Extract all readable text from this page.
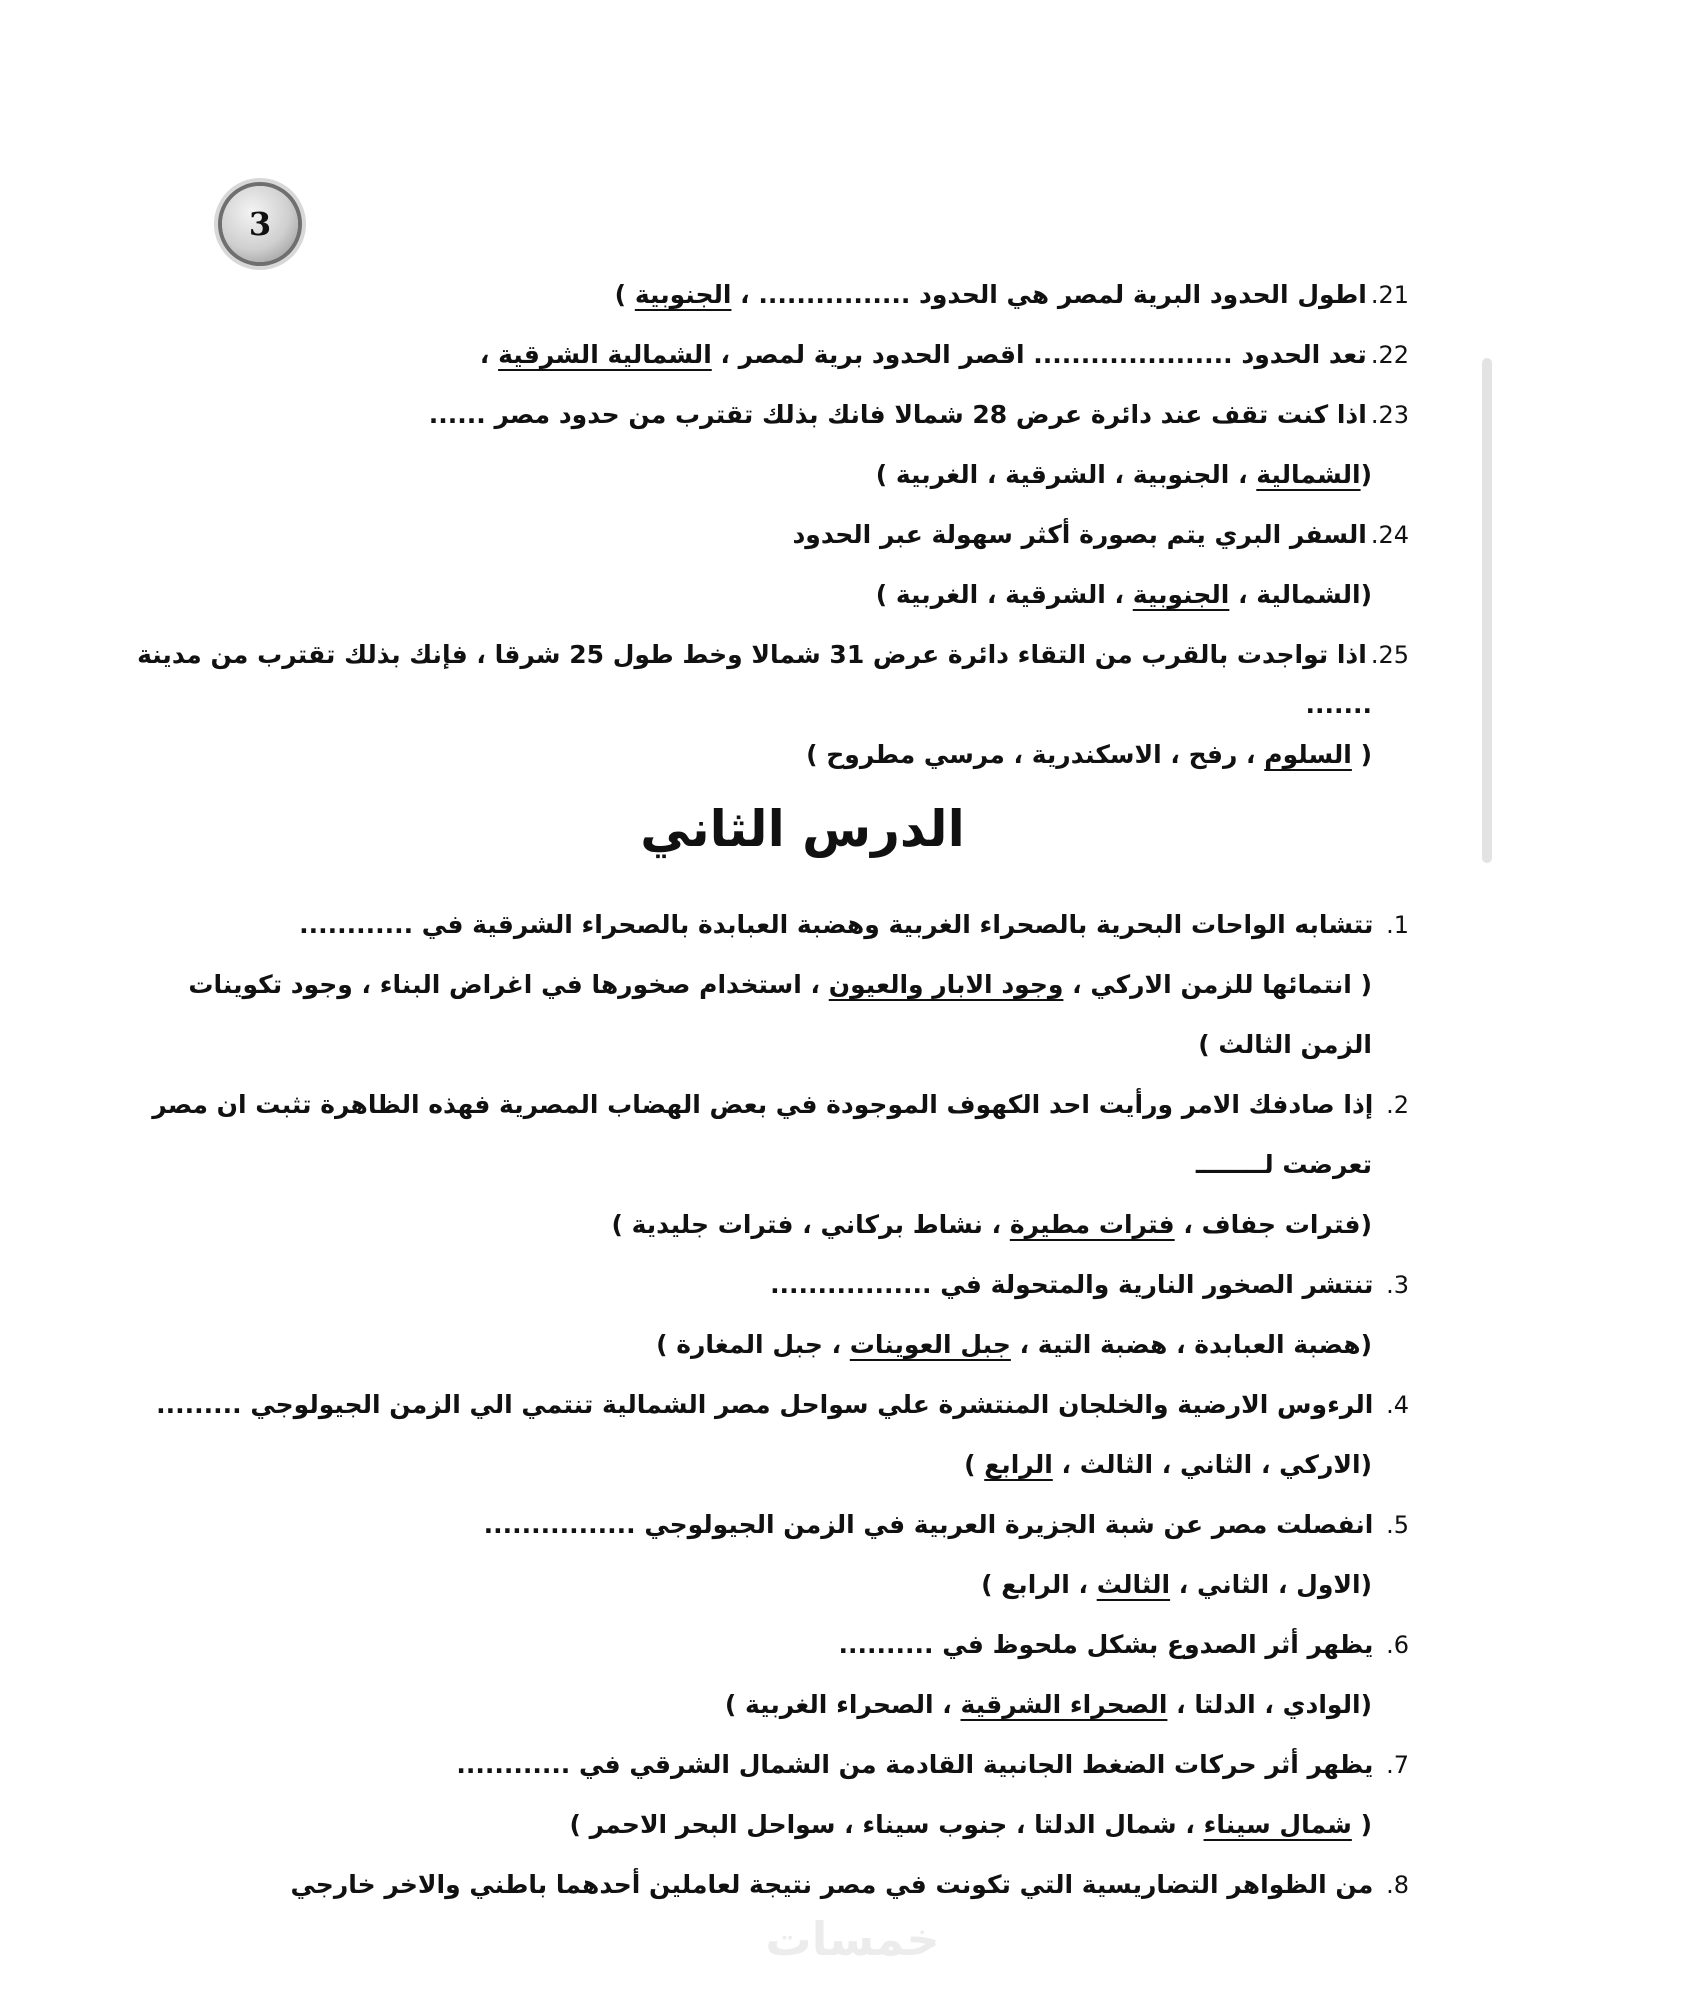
3
21.اطول الحدود البرية لمصر هي الحدود ................ ، الجنوبية )
22.تعد الحدود ..................... اقصر الحدود برية لمصر ، الشمالية الشرقية ،
23.اذا كنت تقف عند دائرة عرض 28 شمالا فانك بذلك تقترب من حدود مصر ......
(الشمالية ، الجنوبية ، الشرقية ، الغربية )
24.السفر البري يتم بصورة أكثر سهولة عبر الحدود
(الشمالية ، الجنوبية ، الشرقية ، الغربية )
25.اذا تواجدت بالقرب من التقاء دائرة عرض 31 شمالا وخط طول 25 شرقا ، فإنك بذلك تقترب من مدينة
.......
( السلوم ، رفح ، الاسكندرية ، مرسي مطروح )
الدرس الثاني
1. تتشابه الواحات البحرية بالصحراء الغربية وهضبة العبابدة بالصحراء الشرقية في ............
( انتمائها للزمن الاركي ، وجود الابار والعيون ، استخدام صخورها في اغراض البناء ، وجود تكوينات
الزمن الثالث )
2. إذا صادفك الامر ورأيت احد الكهوف الموجودة في بعض الهضاب المصرية فهذه الظاهرة تثبت ان مصر
تعرضت لــــــــ
(فترات جفاف ، فترات مطيرة ، نشاط بركاني ، فترات جليدية )
3. تنتشر الصخور النارية والمتحولة في .................
(هضبة العبابدة ، هضبة التية ، جبل العوينات ، جبل المغارة )
4. الرءوس الارضية والخلجان المنتشرة علي سواحل مصر الشمالية تنتمي الي الزمن الجيولوجي .........
(الاركي ، الثاني ، الثالث ، الرابع )
5. انفصلت مصر عن شبة الجزيرة العربية في الزمن الجيولوجي ................
(الاول ، الثاني ، الثالث ، الرابع )
6. يظهر أثر الصدوع بشكل ملحوظ في ..........
(الوادي ، الدلتا ، الصحراء الشرقية ، الصحراء الغربية )
7. يظهر أثر حركات الضغط الجانبية القادمة من الشمال الشرقي في ............
( شمال سيناء ، شمال الدلتا ، جنوب سيناء ، سواحل البحر الاحمر )
8. من الظواهر التضاريسية التي تكونت في مصر نتيجة لعاملين أحدهما باطني والاخر خارجي
خمسات
